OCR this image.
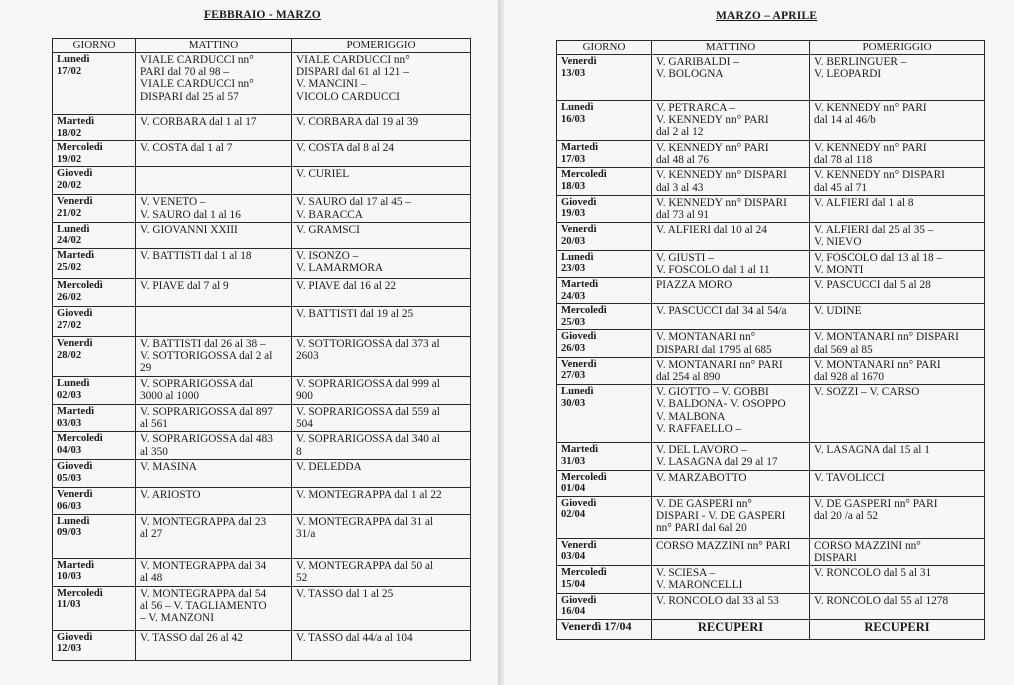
FEBBRAIO - MARZO
GIORNO	MATTINO	POMERIGGIO
Lunedì
17/02	VIALE CARDUCCI nn°
PARI dal 70 al 98 –
VIALE CARDUCCI nn°
DISPARI dal 25 al 57	VIALE CARDUCCI nn°
DISPARI dal 61 al 121 –
V. MANCINI –
VICOLO CARDUCCI
Martedì
18/02	V. CORBARA dal 1 al 17	V. CORBARA dal 19 al 39
Mercoledì
19/02	V. COSTA dal 1 al 7	V. COSTA dal 8 al 24
Giovedì
20/02		V. CURIEL
Venerdì
21/02	V. VENETO –
V. SAURO dal 1 al 16	V. SAURO dal 17 al 45 –
V. BARACCA
Lunedì
24/02	V. GIOVANNI XXIII	V. GRAMSCI
Martedì
25/02	V. BATTISTI dal 1 al 18	V. ISONZO –
V. LAMARMORA
Mercoledì
26/02	V. PIAVE dal 7 al 9	V. PIAVE dal 16 al 22
Giovedì
27/02		V. BATTISTI dal 19 al 25
Venerdì
28/02	V. BATTISTI dal 26 al 38 –
V. SOTTORIGOSSA dal 2 al
29	V. SOTTORIGOSSA dal 373 al
2603
Lunedì
02/03	V. SOPRARIGOSSA dal
3000 al 1000	V. SOPRARIGOSSA dal 999 al
900
Martedì
03/03	V. SOPRARIGOSSA dal 897
al 561	V. SOPRARIGOSSA dal 559 al
504
Mercoledì
04/03	V. SOPRARIGOSSA dal 483
al 350	V. SOPRARIGOSSA dal 340 al
8
Giovedì
05/03	V. MASINA	V. DELEDDA
Venerdì
06/03	V. ARIOSTO	V. MONTEGRAPPA dal 1 al 22
Lunedì
09/03	V. MONTEGRAPPA dal 23
al 27	V. MONTEGRAPPA dal 31 al
31/a
Martedì
10/03	V. MONTEGRAPPA dal 34
al 48	V. MONTEGRAPPA dal 50 al
52
Mercoledì
11/03	V. MONTEGRAPPA dal 54
al 56 – V. TAGLIAMENTO
– V. MANZONI	V. TASSO dal 1 al 25
Giovedì
12/03	V. TASSO dal 26 al 42	V. TASSO dal 44/a al 104
MARZO – APRILE
GIORNO	MATTINO	POMERIGGIO
Venerdì
13/03	V. GARIBALDI –
V. BOLOGNA	V. BERLINGUER –
V. LEOPARDI
Lunedì
16/03	V. PETRARCA –
V. KENNEDY nn° PARI
dal 2 al 12	V. KENNEDY nn° PARI
dal 14 al 46/b
Martedì
17/03	V. KENNEDY nn° PARI
dal 48 al 76	V. KENNEDY nn° PARI
dal 78 al 118
Mercoledì
18/03	V. KENNEDY nn° DISPARI
dal 3 al 43	V. KENNEDY nn° DISPARI
dal 45 al 71
Giovedì
19/03	V. KENNEDY nn° DISPARI
dal 73 al 91	V. ALFIERI dal 1 al 8
Venerdì
20/03	V. ALFIERI dal 10 al 24	V. ALFIERI dal 25 al 35 –
V. NIEVO
Lunedì
23/03	V. GIUSTI –
V. FOSCOLO dal 1 al 11	V. FOSCOLO dal 13 al 18 –
V. MONTI
Martedì
24/03	PIAZZA MORO	V. PASCUCCI dal 5 al 28
Mercoledì
25/03	V. PASCUCCI dal 34 al 54/a	V. UDINE
Giovedì
26/03	V. MONTANARI nn°
DISPARI dal 1795 al 685	V. MONTANARI nn° DISPARI
dal 569 al 85
Venerdì
27/03	V. MONTANARI nn° PARI
dal 254 al 890	V. MONTANARI nn° PARI
dal 928 al 1670
Lunedì
30/03	V. GIOTTO – V. GOBBI
V. BALDONA- V. OSOPPO
V. MALBONA
V. RAFFAELLO –	V. SOZZI – V. CARSO
Martedì
31/03	V. DEL LAVORO –
V. LASAGNA dal 29 al 17	V. LASAGNA dal 15 al 1
Mercoledì
01/04	V. MARZABOTTO	V. TAVOLICCI
Giovedì
02/04	V. DE GASPERI nn°
DISPARI - V. DE GASPERI
nn° PARI dal 6al 20	V. DE GASPERI nn° PARI
dal 20 /a al 52
Venerdì
03/04	CORSO MAZZINI nn° PARI	CORSO MAZZINI nn°
DISPARI
Mercoledì
15/04	V. SCIESA –
V. MARONCELLI	V. RONCOLO dal 5 al 31
Giovedì
16/04	V. RONCOLO dal 33 al 53	V. RONCOLO dal 55 al 1278
Venerdì 17/04	RECUPERI	RECUPERI
